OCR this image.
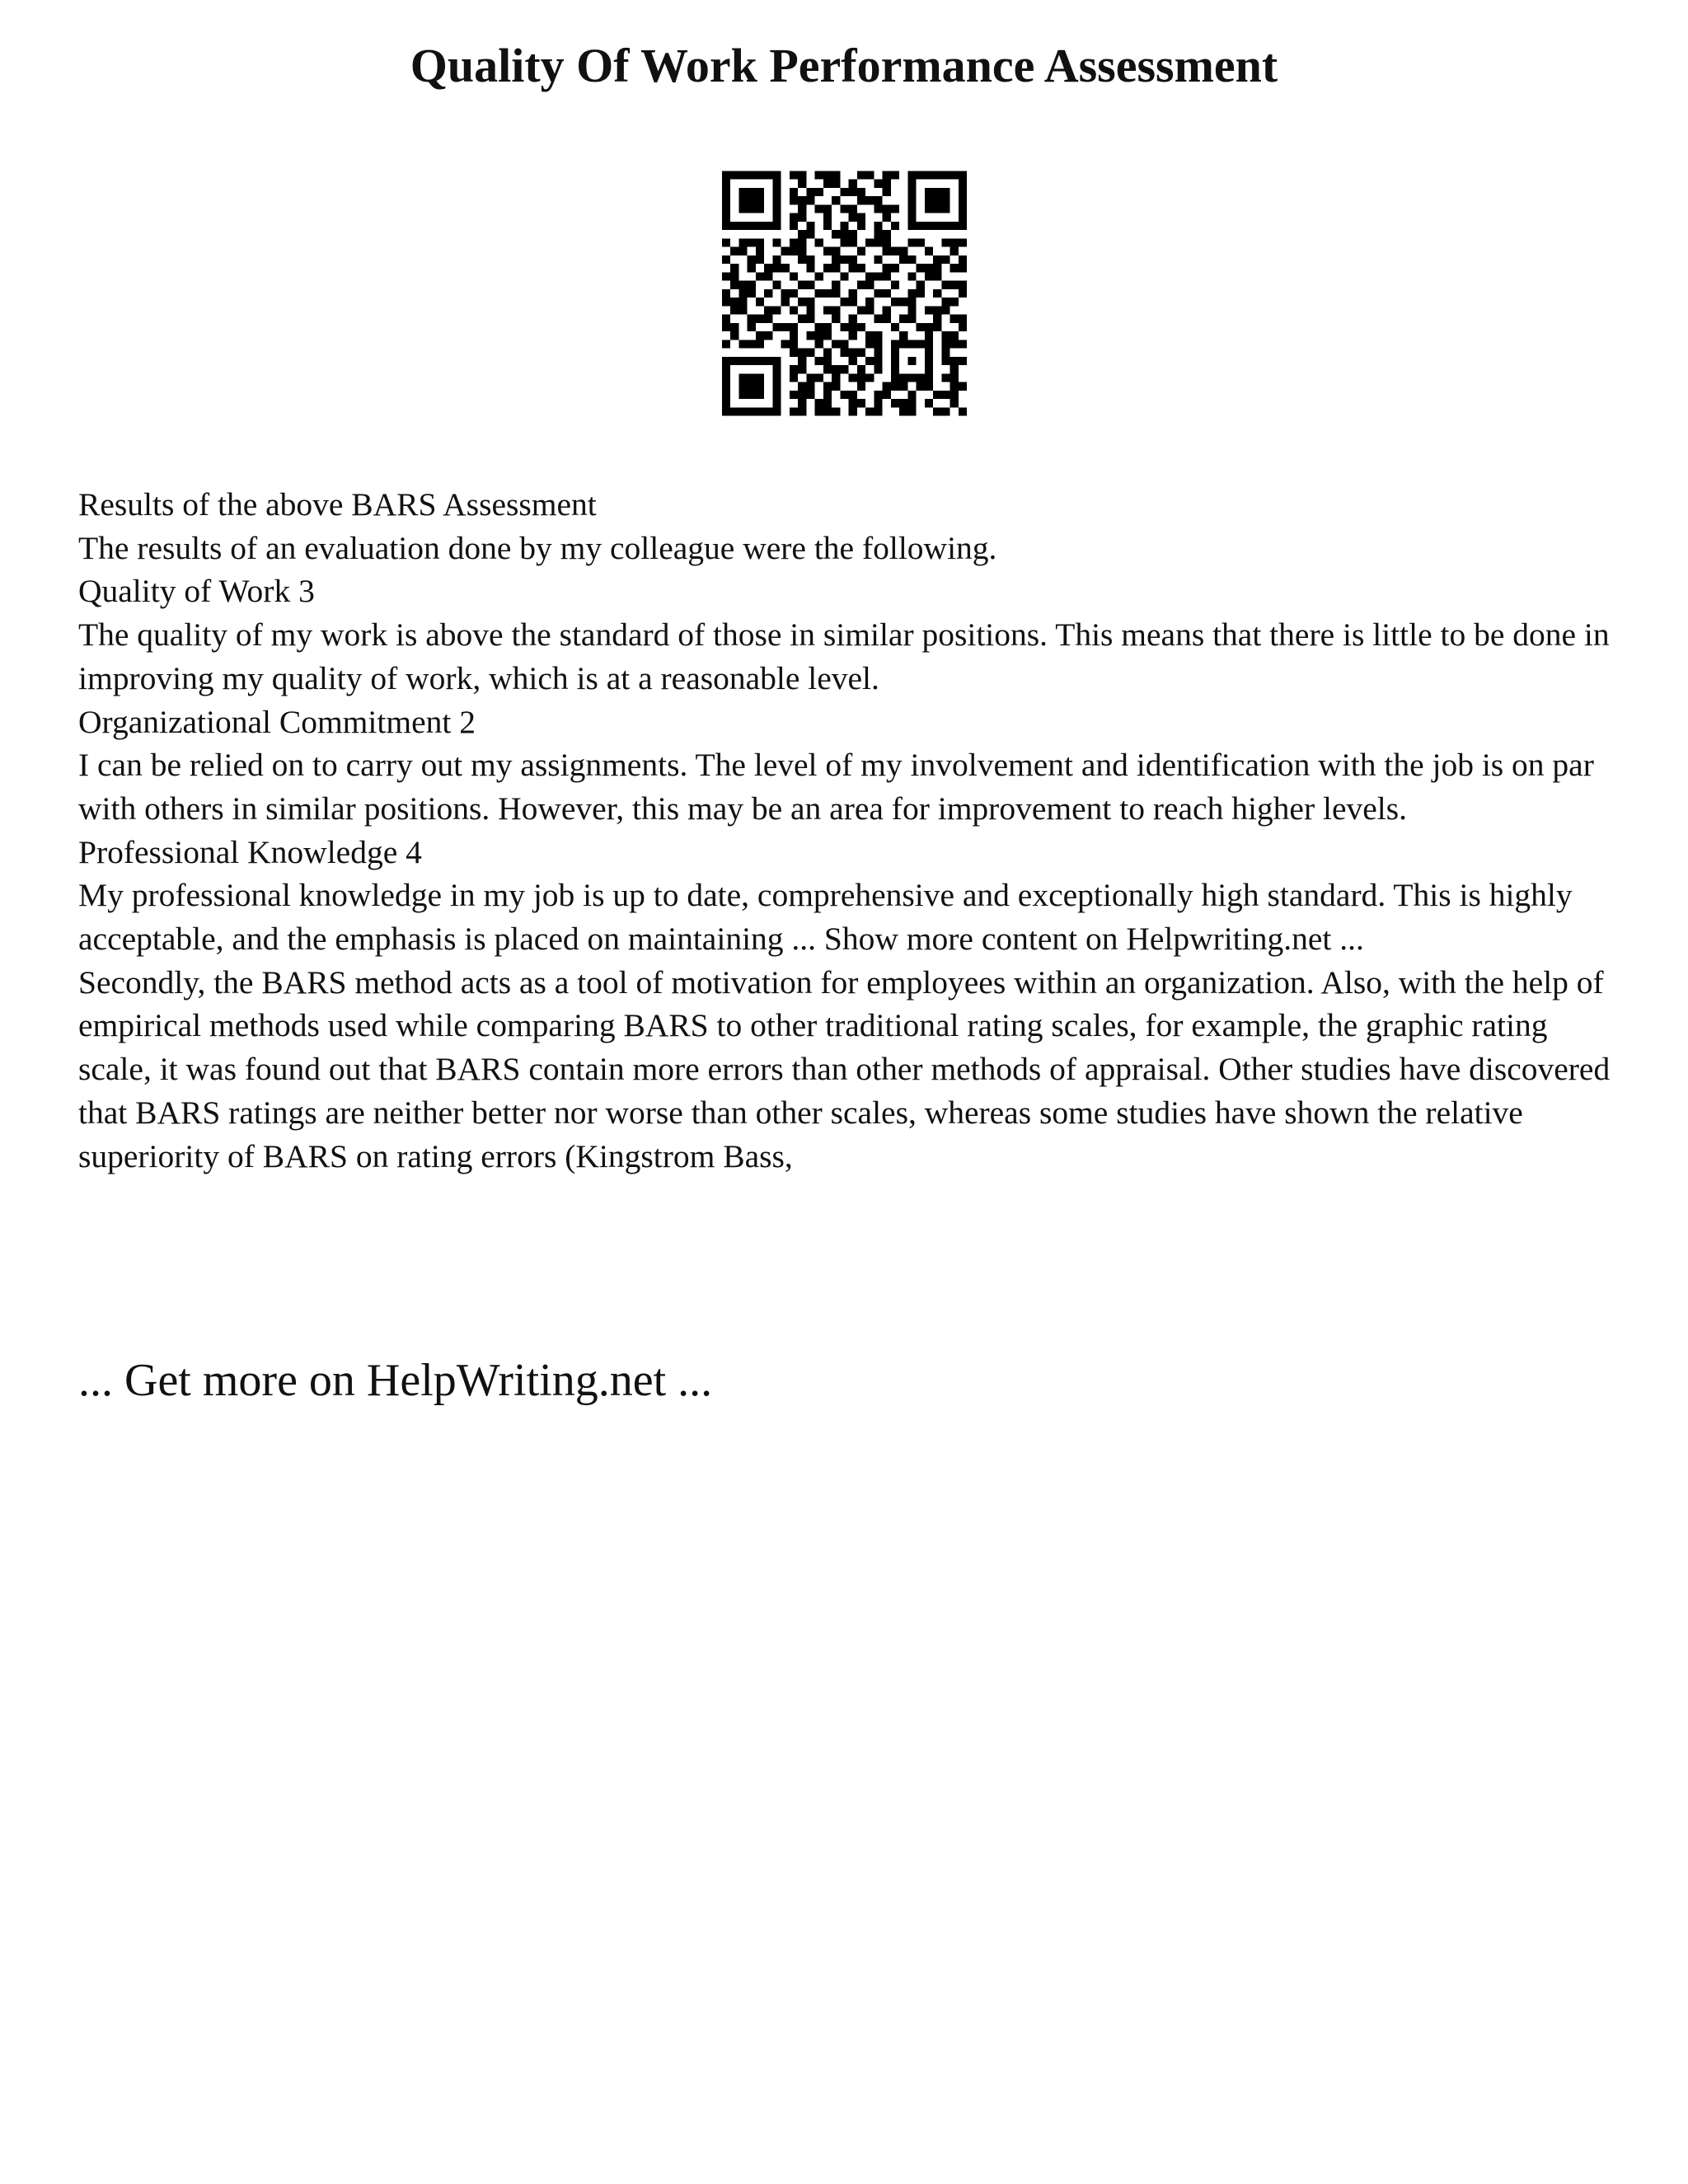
Quality Of Work Performance Assessment

Results of the above BARS Assessment

The results of an evaluation done by my colleague were the following.

Quality of Work 3

The quality of my work is above the standard of those in similar positions. This means that there is little to be done in improving my quality of work, which is at a reasonable level.

Organizational Commitment 2

I can be relied on to carry out my assignments. The level of my involvement and identification with the job is on par with others in similar positions. However, this may be an area for improvement to reach higher levels.

Professional Knowledge 4

My professional knowledge in my job is up to date, comprehensive and exceptionally high standard. This is highly acceptable, and the emphasis is placed on maintaining ... Show more content on Helpwriting.net ...

Secondly, the BARS method acts as a tool of motivation for employees within an organization. Also, with the help of empirical methods used while comparing BARS to other traditional rating scales, for example, the graphic rating scale, it was found out that BARS contain more errors than other methods of appraisal. Other studies have discovered that BARS ratings are neither better nor worse than other scales, whereas some studies have shown the relative superiority of BARS on rating errors (Kingstrom Bass,

... Get more on HelpWriting.net ...
